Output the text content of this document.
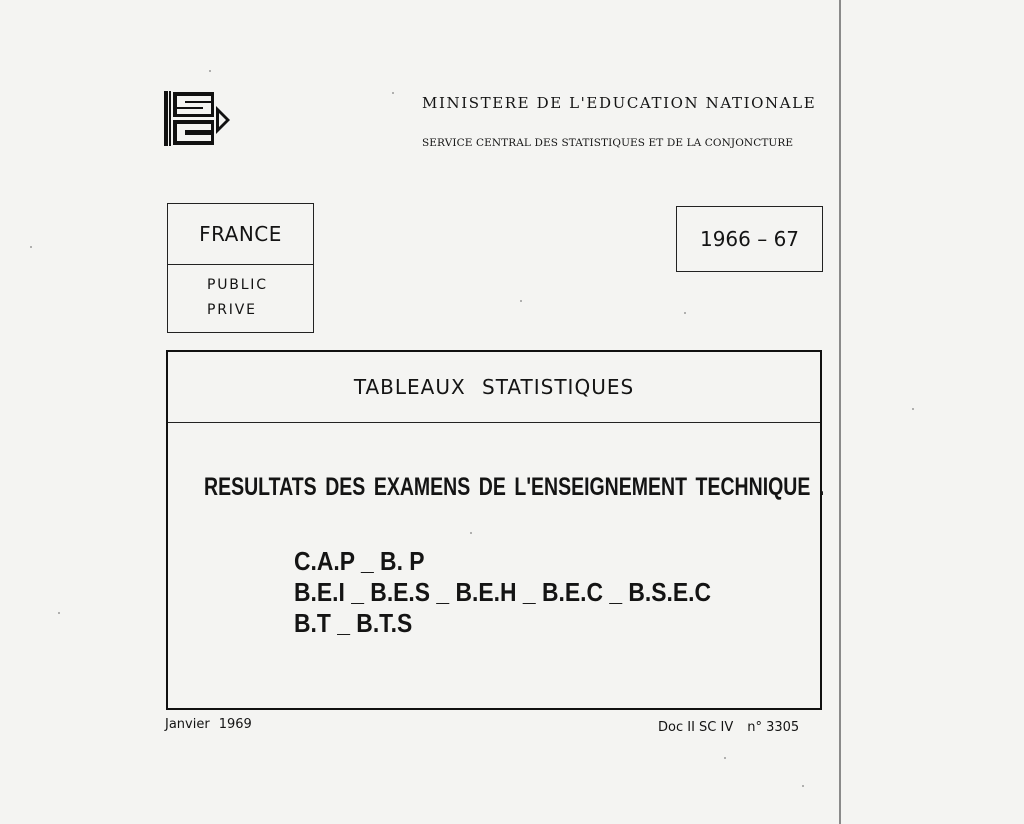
MINISTERE DE L'EDUCATION NATIONALE
SERVICE CENTRAL DES STATISTIQUES ET DE LA CONJONCTURE
FRANCE
PUBLIC
PRIVE
1966 – 67
TABLEAUX STATISTIQUES
RESULTATS DES EXAMENS DE L'ENSEIGNEMENT TECHNIQUE .
C.A.P _ B. P
B.E.I _ B.E.S _ B.E.H _ B.E.C _ B.S.E.C
B.T _ B.T.S
Janvier 1969	Doc II SC IV n° 3305
